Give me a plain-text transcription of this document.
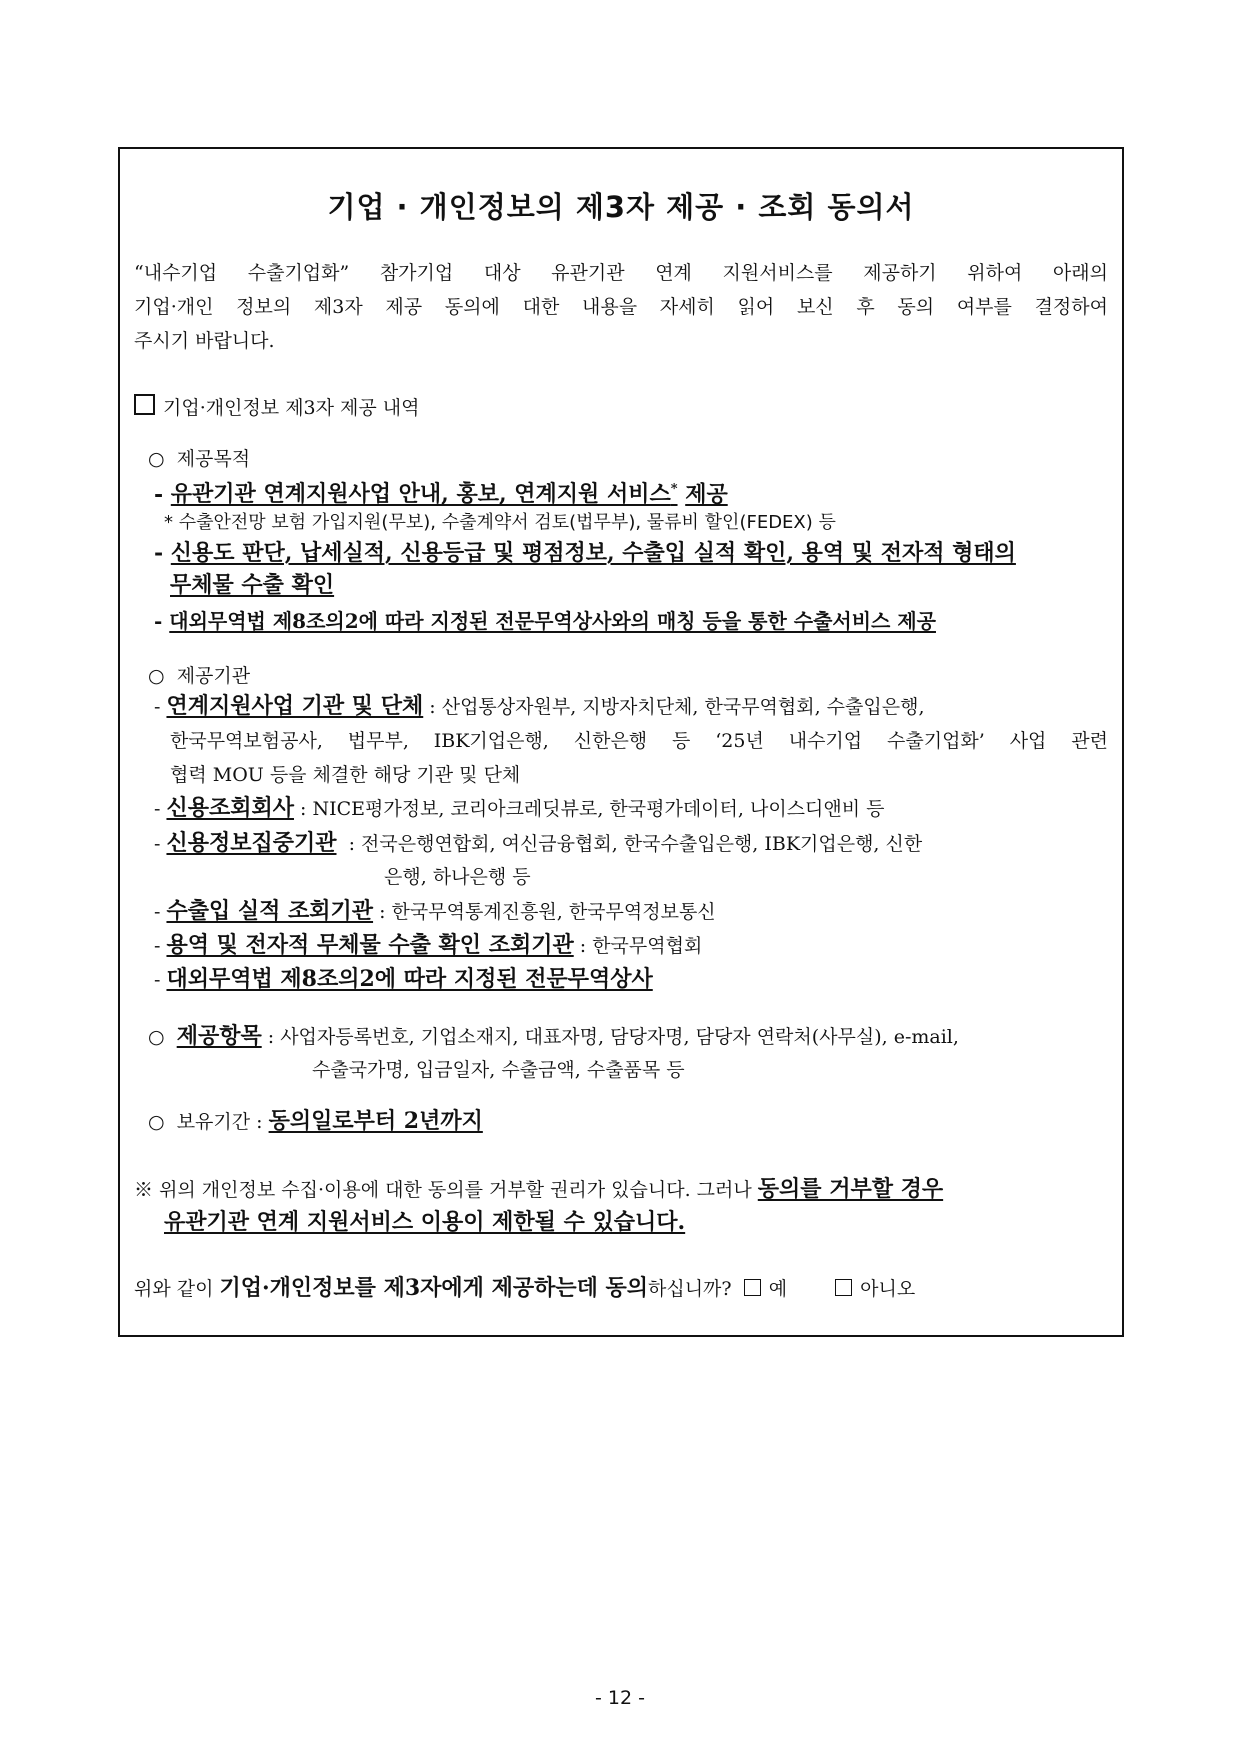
기업 · 개인정보의 제3자 제공 · 조회 동의서
“내수기업 수출기업화” 참가기업 대상 유관기관 연계 지원서비스를 제공하기 위하여 아래의
기업·개인 정보의 제3자 제공 동의에 대한 내용을 자세히 읽어 보신 후 동의 여부를 결정하여
주시기 바랍니다.
기업·개인정보 제3자 제공 내역
○ 제공목적
- 유관기관 연계지원사업 안내, 홍보, 연계지원 서비스* 제공
* 수출안전망 보험 가입지원(무보), 수출계약서 검토(법무부), 물류비 할인(FEDEX) 등
- 신용도 판단, 납세실적, 신용등급 및 평점정보, 수출입 실적 확인, 용역 및 전자적 형태의
무체물 수출 확인
- 대외무역법 제8조의2에 따라 지정된 전문무역상사와의 매칭 등을 통한 수출서비스 제공
○ 제공기관
- 연계지원사업 기관 및 단체 : 산업통상자원부, 지방자치단체, 한국무역협회, 수출입은행,
한국무역보험공사, 법무부, IBK기업은행, 신한은행 등 ‘25년 내수기업 수출기업화’ 사업 관련
협력 MOU 등을 체결한 해당 기관 및 단체
- 신용조회회사 : NICE평가정보, 코리아크레딧뷰로, 한국평가데이터, 나이스디앤비 등
- 신용정보집중기관 : 전국은행연합회, 여신금융협회, 한국수출입은행, IBK기업은행, 신한
은행, 하나은행 등
- 수출입 실적 조회기관 : 한국무역통계진흥원, 한국무역정보통신
- 용역 및 전자적 무체물 수출 확인 조회기관 : 한국무역협회
- 대외무역법 제8조의2에 따라 지정된 전문무역상사
○ 제공항목 : 사업자등록번호, 기업소재지, 대표자명, 담당자명, 담당자 연락처(사무실), e-mail,
수출국가명, 입금일자, 수출금액, 수출품목 등
○ 보유기간 : 동의일로부터 2년까지
※ 위의 개인정보 수집·이용에 대한 동의를 거부할 권리가 있습니다. 그러나 동의를 거부할 경우
유관기관 연계 지원서비스 이용이 제한될 수 있습니다.
위와 같이 기업·개인정보를 제3자에게 제공하는데 동의하십니까? 예	아니오
- 12 -
